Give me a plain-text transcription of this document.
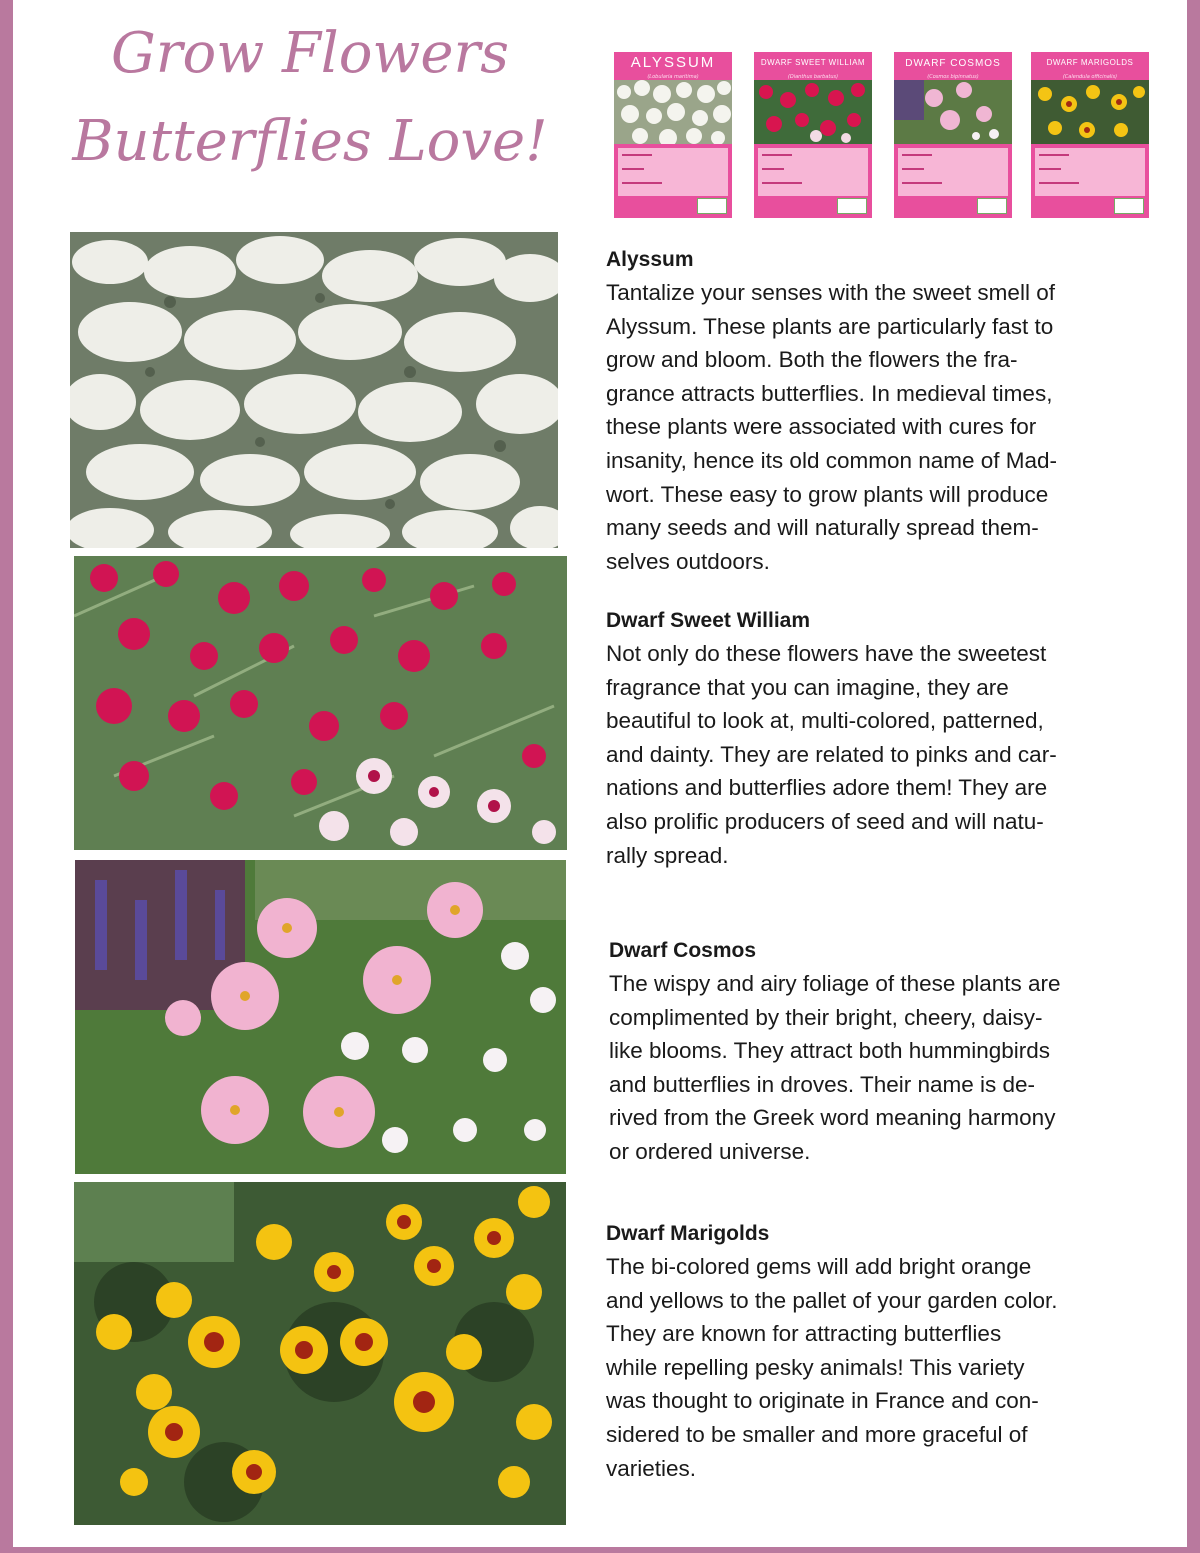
Grow Flowers
Butterflies Love!
ALYSSUM
(Lobularia maritima)
DWARF SWEET WILLIAM
(Dianthus barbatus)
DWARF COSMOS
(Cosmos bipinnatus)
DWARF MARIGOLDS
(Calendula officinalis)
Alyssum

Tantalize your senses with the sweet smell of
Alyssum. These plants are particularly fast to
grow and bloom. Both the flowers the fra-
grance attracts butterflies. In medieval times,
these plants were associated with cures for
insanity, hence its old common name of Mad-
wort. These easy to grow plants will produce
many seeds and will naturally spread them-
selves outdoors.

Dwarf Sweet William

Not only do these flowers have the sweetest
fragrance that you can imagine, they are
beautiful to look at, multi-colored, patterned,
and dainty. They are related to pinks and car-
nations and butterflies adore them! They are
also prolific producers of seed and will natu-
rally spread.

Dwarf Cosmos

The wispy and airy foliage of these plants are
complimented by their bright, cheery, daisy-
like blooms. They attract both hummingbirds
and butterflies in droves. Their name is de-
rived from the Greek word meaning harmony
or ordered universe.

Dwarf Marigolds

The bi-colored gems will add bright orange
and yellows to the pallet of your garden color.
They are known for attracting butterflies
while repelling pesky animals! This variety
was thought to originate in France and con-
sidered to be smaller and more graceful of
varieties.
